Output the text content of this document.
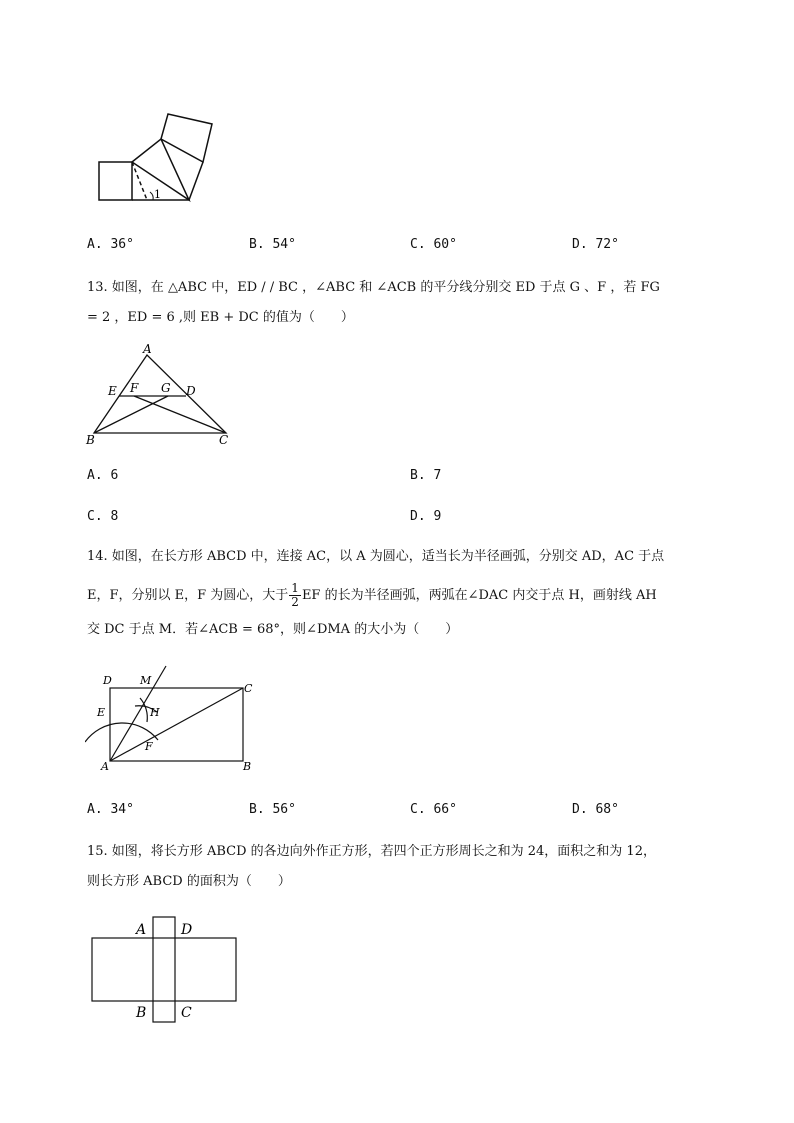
1
A. 36°	B. 54°	C. 60°	D. 72°
13. 如图，在 △ABC 中，ED / / BC ，∠ABC 和 ∠ACB 的平分线分别交 ED 于点 G 、F ，若 FG
= 2 ，ED = 6 ,则 EB + DC 的值为（　　）
A
E F G D
B	C
A. 6	B. 7
C. 8	D. 9
14. 如图，在长方形 ABCD 中，连接 AC，以 A 为圆心，适当长为半径画弧，分别交 AD，AC 于点
E，F，分别以 E，F 为圆心，大于 $\frac{1}{2}$ EF 的长为半径画弧，两弧在∠DAC 内交于点 H，画射线 AH
交 DC 于点 M．若∠ACB = 68°，则∠DMA 的大小为（　　）
D	M
C
E	H
F
A	B
A. 34°	B. 56°	C. 66°	D. 68°
15. 如图，将长方形 ABCD 的各边向外作正方形，若四个正方形周长之和为 24，面积之和为 12，
则长方形 ABCD 的面积为（　　）
A D
B C
